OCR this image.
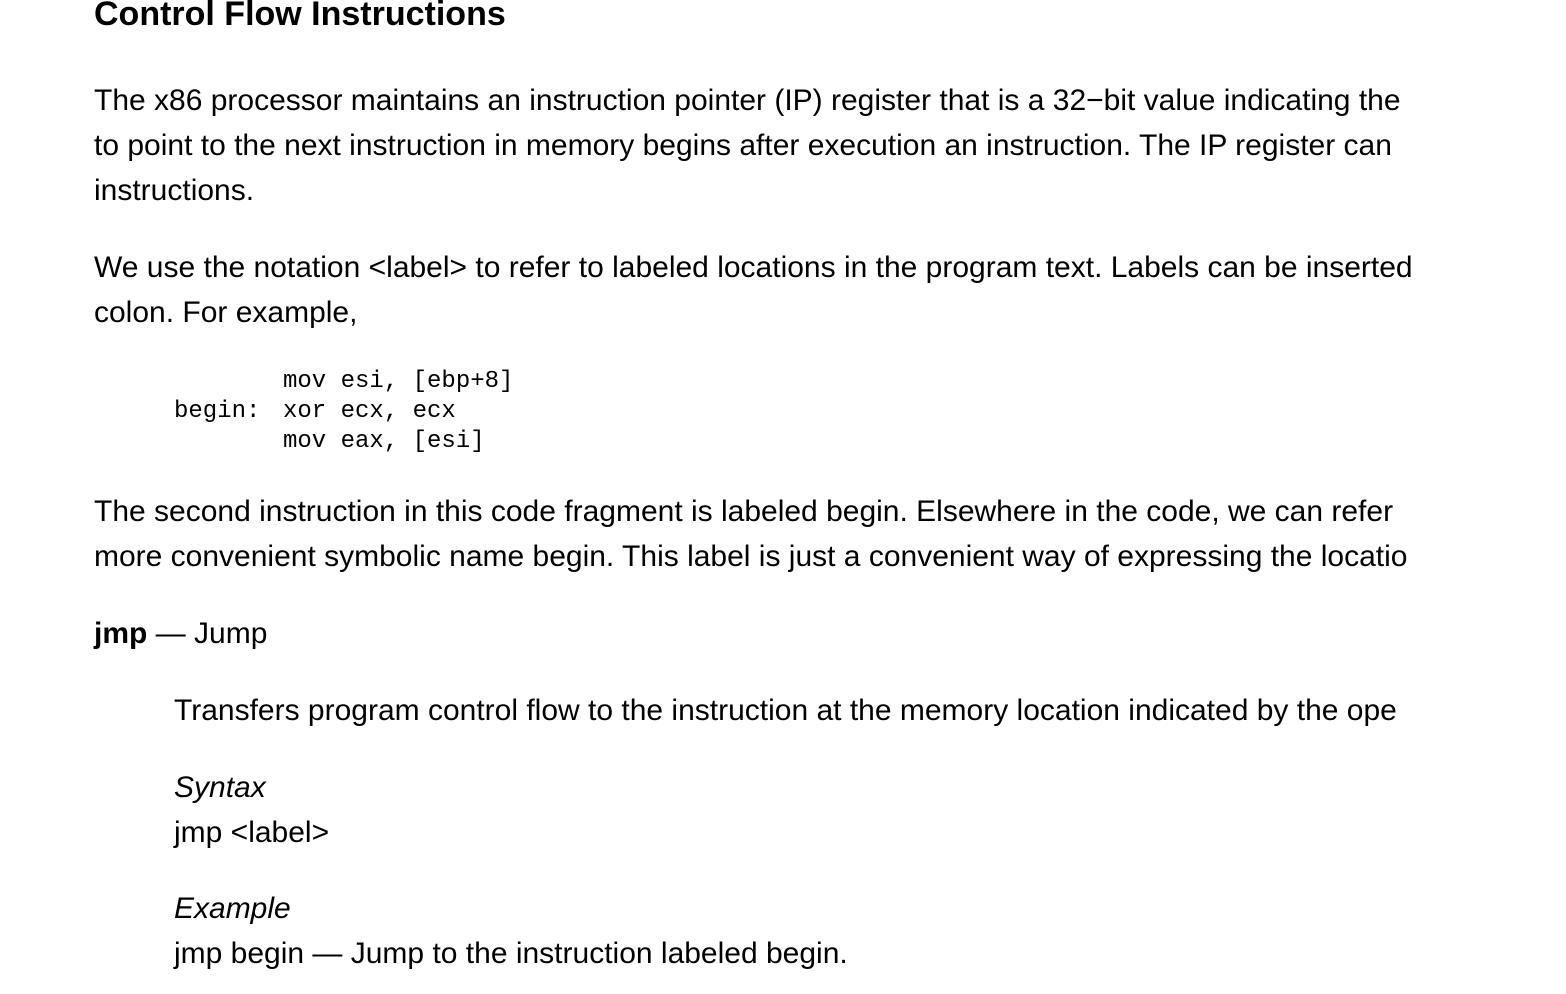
Control Flow Instructions

The x86 processor maintains an instruction pointer (IP) register that is a 32−bit value indicating the
to point to the next instruction in memory begins after execution an instruction. The IP register can
instructions.

We use the notation <label> to refer to labeled locations in the program text. Labels can be inserted
colon. For example,

mov esi, [ebp+8]
begin: xor ecx, ecx
mov eax, [esi]

The second instruction in this code fragment is labeled begin. Elsewhere in the code, we can refer
more convenient symbolic name begin. This label is just a convenient way of expressing the locatio

jmp — Jump
Transfers program control flow to the instruction at the memory location indicated by the ope
Syntax
jmp <label>
Example
jmp begin — Jump to the instruction labeled begin.
